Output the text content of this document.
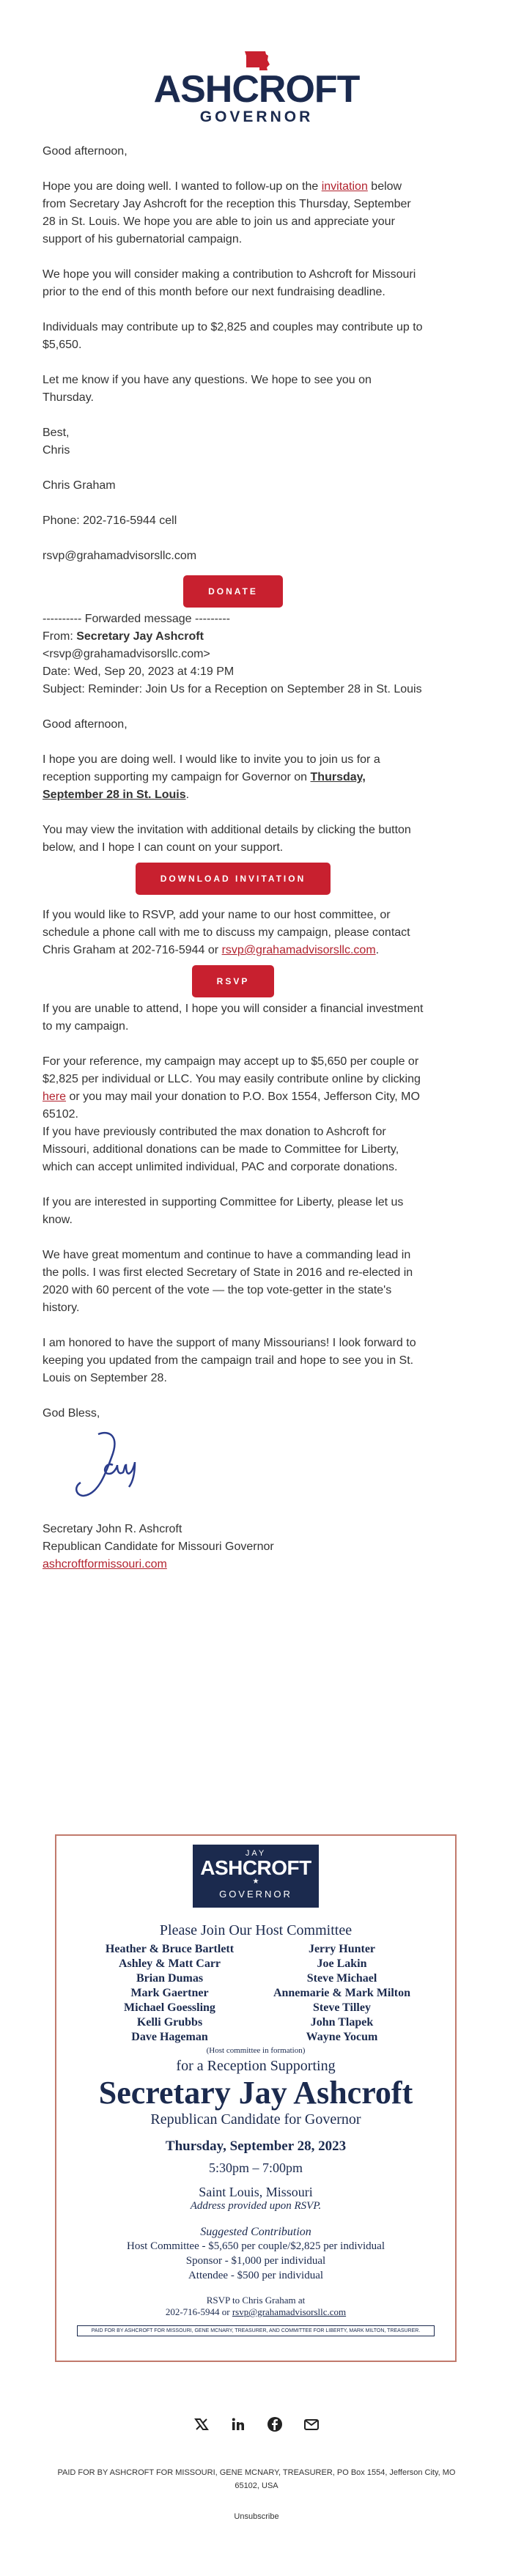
ASHCROFT
GOVERNOR

Good afternoon,

Hope you are doing well. I wanted to follow-up on the invitation below from Secretary Jay Ashcroft for the reception this Thursday, September 28 in St. Louis. We hope you are able to join us and appreciate your support of his gubernatorial campaign.

We hope you will consider making a contribution to Ashcroft for Missouri prior to the end of this month before our next fundraising deadline.

Individuals may contribute up to $2,825 and couples may contribute up to $5,650.

Let me know if you have any questions. We hope to see you on Thursday.

Best,
Chris

Chris Graham

Phone: 202-716-5944 cell

rsvp@grahamadvisorsllc.com

DONATE
---------- Forwarded message ---------
From: Secretary Jay Ashcroft
<rsvp@grahamadvisorsllc.com>
Date: Wed, Sep 20, 2023 at 4:19 PM
Subject: Reminder: Join Us for a Reception on September 28 in St. Louis

Good afternoon,

I hope you are doing well. I would like to invite you to join us for a reception supporting my campaign for Governor on Thursday, September 28 in St. Louis.

You may view the invitation with additional details by clicking the button below, and I hope I can count on your support.

DOWNLOAD INVITATION

If you would like to RSVP, add your name to our host committee, or schedule a phone call with me to discuss my campaign, please contact Chris Graham at 202-716-5944 or rsvp@grahamadvisorsllc.com.

RSVP

If you are unable to attend, I hope you will consider a financial investment to my campaign.

For your reference, my campaign may accept up to $5,650 per couple or $2,825 per individual or LLC. You may easily contribute online by clicking here or you may mail your donation to P.O. Box 1554, Jefferson City, MO 65102.

If you have previously contributed the max donation to Ashcroft for Missouri, additional donations can be made to Committee for Liberty, which can accept unlimited individual, PAC and corporate donations.

If you are interested in supporting Committee for Liberty, please let us know.

We have great momentum and continue to have a commanding lead in the polls. I was first elected Secretary of State in 2016 and re-elected in 2020 with 60 percent of the vote — the top vote-getter in the state's history.

I am honored to have the support of many Missourians! I look forward to keeping you updated from the campaign trail and hope to see you in St. Louis on September 28.

God Bless,

Secretary John R. Ashcroft
Republican Candidate for Missouri Governor
ashcroftformissouri.com
JAY
ASHCROFT
★
GOVERNOR
Please Join Our Host Committee
Heather & Bruce Bartlett
Ashley & Matt Carr
Brian Dumas
Mark Gaertner
Michael Goessling
Kelli Grubbs
Dave Hageman
Jerry Hunter
Joe Lakin
Steve Michael
Annemarie & Mark Milton
Steve Tilley
John Tlapek
Wayne Yocum
(Host committee in formation)
for a Reception Supporting
Secretary Jay Ashcroft
Republican Candidate for Governor
Thursday, September 28, 2023
5:30pm – 7:00pm
Saint Louis, Missouri
Address provided upon RSVP.
Suggested Contribution
Host Committee - $5,650 per couple/$2,825 per individual
Sponsor - $1,000 per individual
Attendee - $500 per individual
RSVP to Chris Graham at
202-716-5944 or rsvp@grahamadvisorsllc.com
PAID FOR BY ASHCROFT FOR MISSOURI, GENE MCNARY, TREASURER, AND COMMITTEE FOR LIBERTY, MARK MILTON, TREASURER.
PAID FOR BY ASHCROFT FOR MISSOURI, GENE MCNARY, TREASURER, PO Box 1554, Jefferson City, MO 65102, USA
Unsubscribe
